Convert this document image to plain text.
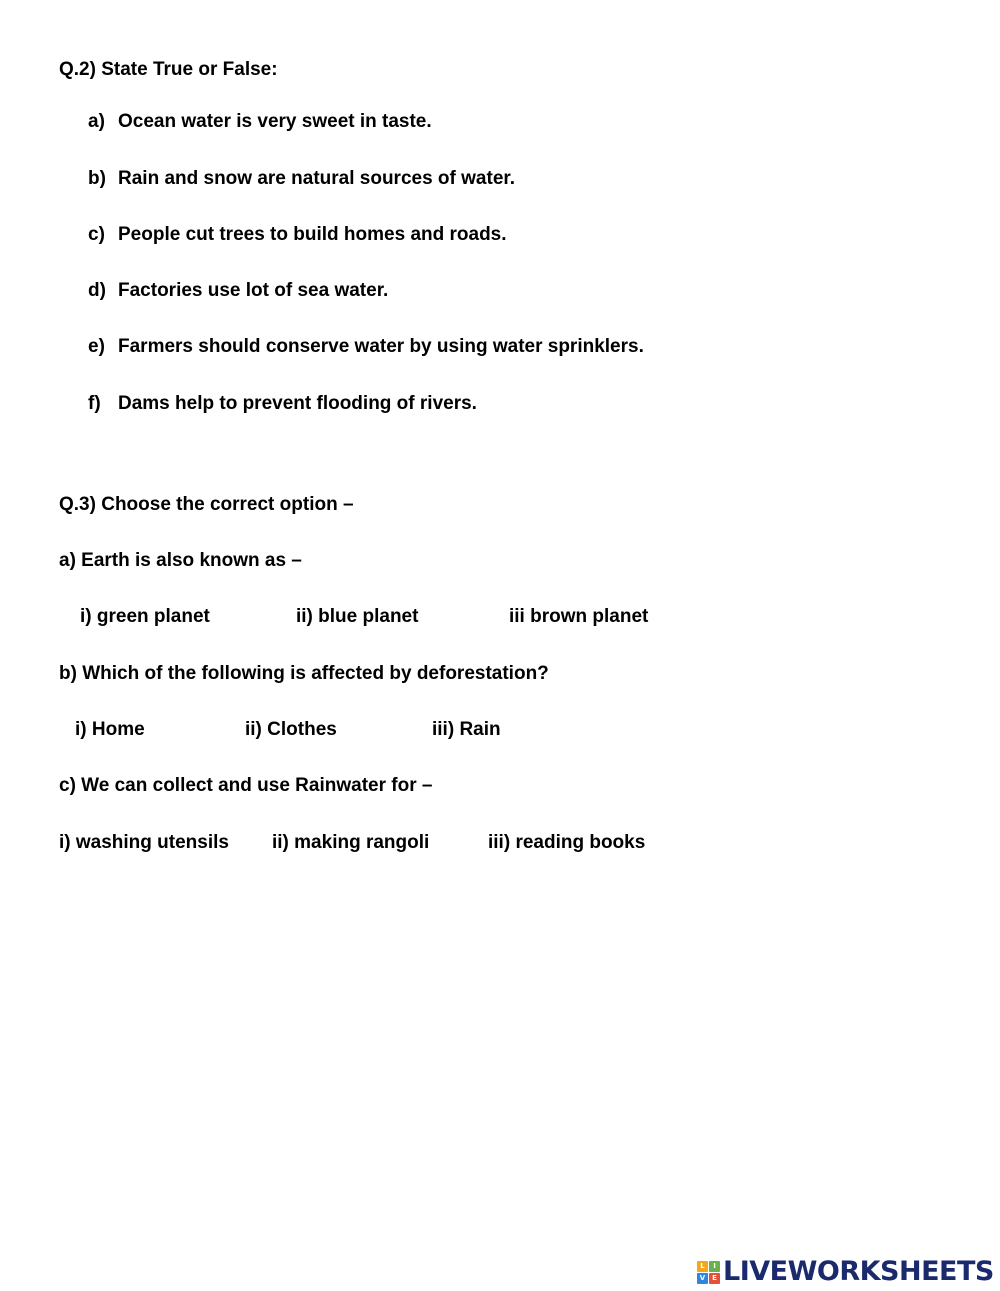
Q.2) State True or False:
a) Ocean water is very sweet in taste.
b) Rain and snow are natural sources of water.
c) People cut trees to build homes and roads.
d) Factories use lot of sea water.
e) Farmers should conserve water by using water sprinklers.
f) Dams help to prevent flooding of rivers.
Q.3) Choose the correct option –
a) Earth is also known as –
i) green planet	ii) blue planet	iii brown planet
b) Which of the following is affected by deforestation?
i) Home	ii) Clothes	iii) Rain
c) We can collect and use Rainwater for –
i) washing utensils ii) making rangoli	iii) reading books
L	I
V E LIVEWORKSHEETS
